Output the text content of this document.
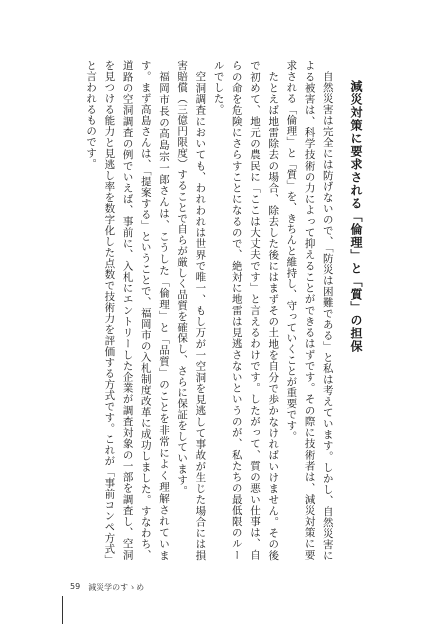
減災対策に要求される「倫理」と「質」の担保

自然災害は完全には防げないので、「防災は困難である」と私は考えています。しかし、自然災害による被害は、科学技術の力によって抑えることができるはずです。その際に技術者は、減災対策に要求される「倫理」と「質」を、きちんと維持し、守っていくことが重要です。

たとえば地雷除去の場合、除去した後にはまずその土地を自分で歩かなければいけません。その後で初めて、地元の農民に「ここは大丈夫です」と言えるわけです。したがって、質の悪い仕事は、自らの命を危険にさらすことになるので、絶対に地雷は見逃さないというのが、私たちの最低限のルールでした。

空洞調査においても、われわれは世界で唯一、もし万が一空洞を見逃して事故が生じた場合には損害賠償（三億円限度）することで自らが厳しく品質を確保し、さらに保証をしています。

福岡市長の高島宗一郎さんは、こうした「倫理」と「品質」のことを非常によく理解されています。まず高島さんは、「提案する」ということで、福岡市の入札制度改革に成功しました。すなわち、道路の空洞調査の例でいえば、事前に、入札にエントリーした企業が調査対象の一部を調査し、空洞を見つける能力と見逃し率を数字化した点数で技術力を評価する方式です。これが「事前コンペ方式」と言われるものです。

59 減災学のすゝめ
